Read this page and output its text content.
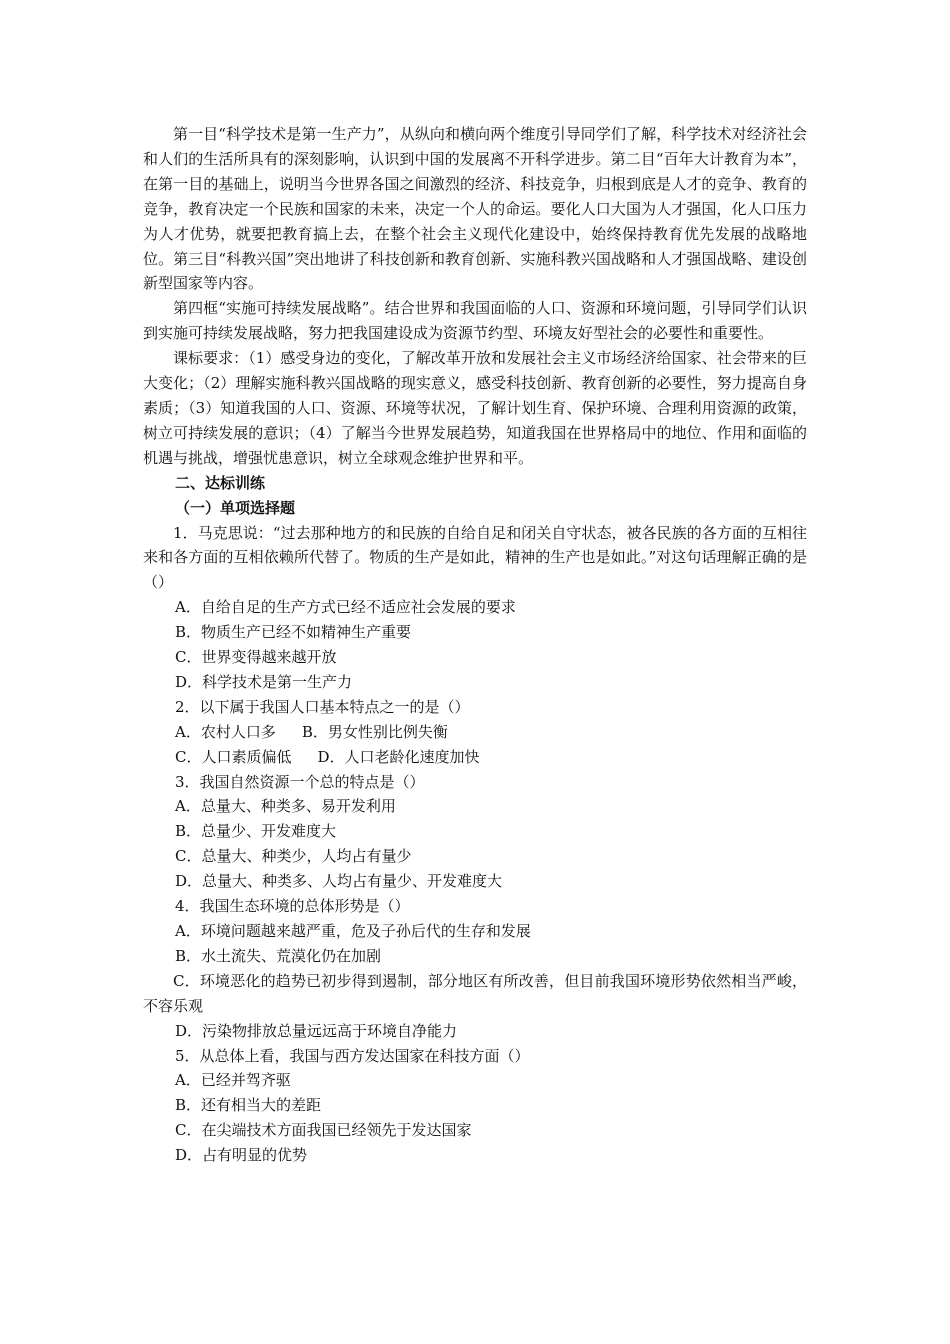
第一目“科学技术是第一生产力”，从纵向和横向两个维度引导同学们了解，科学技术对经济社会和人们的生活所具有的深刻影响，认识到中国的发展离不开科学进步。第二目“百年大计教育为本”，在第一目的基础上，说明当今世界各国之间激烈的经济、科技竞争，归根到底是人才的竞争、教育的竞争，教育决定一个民族和国家的未来，决定一个人的命运。要化人口大国为人才强国，化人口压力为人才优势，就要把教育搞上去，在整个社会主义现代化建设中，始终保持教育优先发展的战略地位。第三目“科教兴国”突出地讲了科技创新和教育创新、实施科教兴国战略和人才强国战略、建设创新型国家等内容。

第四框“实施可持续发展战略”。结合世界和我国面临的人口、资源和环境问题，引导同学们认识到实施可持续发展战略，努力把我国建设成为资源节约型、环境友好型社会的必要性和重要性。

课标要求：（1）感受身边的变化，了解改革开放和发展社会主义市场经济给国家、社会带来的巨大变化；（2）理解实施科教兴国战略的现实意义，感受科技创新、教育创新的必要性，努力提高自身素质；（3）知道我国的人口、资源、环境等状况，了解计划生育、保护环境、合理利用资源的政策，树立可持续发展的意识；（4）了解当今世界发展趋势，知道我国在世界格局中的地位、作用和面临的机遇与挑战，增强忧患意识，树立全球观念维护世界和平。

二、达标训练

（一）单项选择题

1．马克思说：“过去那种地方的和民族的自给自足和闭关自守状态，被各民族的各方面的互相往来和各方面的互相依赖所代替了。物质的生产是如此，精神的生产也是如此。”对这句话理解正确的是（）

A．自给自足的生产方式已经不适应社会发展的要求

B．物质生产已经不如精神生产重要

C．世界变得越来越开放

D．科学技术是第一生产力

2．以下属于我国人口基本特点之一的是（）

A．农村人口多 B．男女性别比例失衡

C．人口素质偏低 D．人口老龄化速度加快

3．我国自然资源一个总的特点是（）

A．总量大、种类多、易开发利用

B．总量少、开发难度大

C．总量大、种类少，人均占有量少

D．总量大、种类多、人均占有量少、开发难度大

4．我国生态环境的总体形势是（）

A．环境问题越来越严重，危及子孙后代的生存和发展

B．水土流失、荒漠化仍在加剧

C．环境恶化的趋势已初步得到遏制，部分地区有所改善，但目前我国环境形势依然相当严峻，不容乐观

D．污染物排放总量远远高于环境自净能力

5．从总体上看，我国与西方发达国家在科技方面（）

A．已经并驾齐驱

B．还有相当大的差距

C．在尖端技术方面我国已经领先于发达国家

D．占有明显的优势
